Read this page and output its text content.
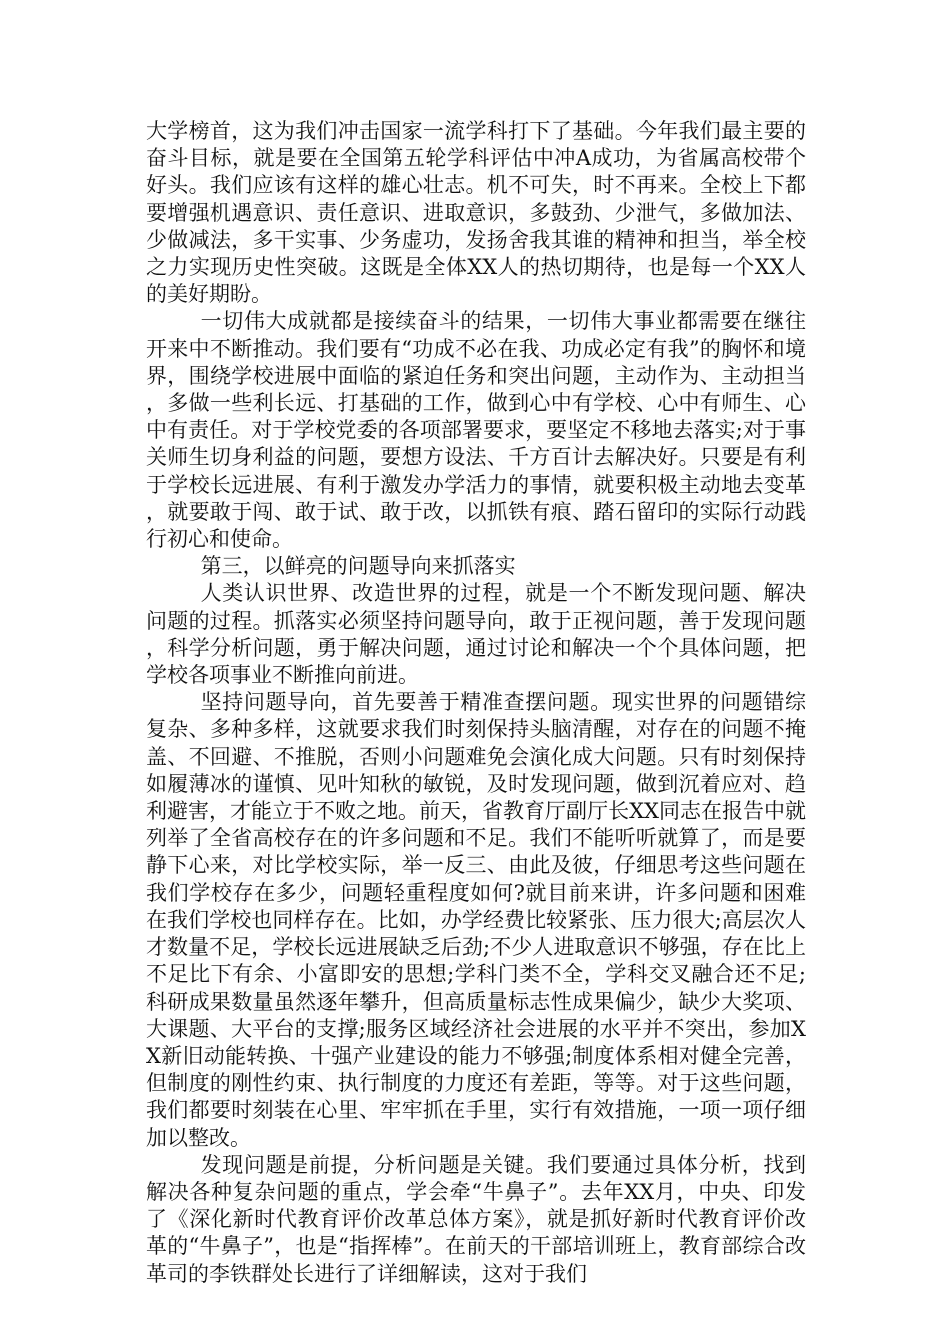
大学榜首，这为我们冲击国家一流学科打下了基础。今年我们最主要的奋斗目标，就是要在全国第五轮学科评估中冲A成功，为省属高校带个好头。我们应该有这样的雄心壮志。机不可失，时不再来。全校上下都要增强机遇意识、责任意识、进取意识，多鼓劲、少泄气，多做加法、少做减法，多干实事、少务虚功，发扬舍我其谁的精神和担当，举全校之力实现历史性突破。这既是全体XX人的热切期待，也是每一个XX人的美好期盼。

一切伟大成就都是接续奋斗的结果，一切伟大事业都需要在继往开来中不断推动。我们要有“功成不必在我、功成必定有我”的胸怀和境界，围绕学校进展中面临的紧迫任务和突出问题，主动作为、主动担当，多做一些利长远、打基础的工作，做到心中有学校、心中有师生、心中有责任。对于学校党委的各项部署要求，要坚定不移地去落实;对于事关师生切身利益的问题，要想方设法、千方百计去解决好。只要是有利于学校长远进展、有利于激发办学活力的事情，就要积极主动地去变革，就要敢于闯、敢于试、敢于改，以抓铁有痕、踏石留印的实际行动践行初心和使命。

第三，以鲜亮的问题导向来抓落实

人类认识世界、改造世界的过程，就是一个不断发现问题、解决问题的过程。抓落实必须坚持问题导向，敢于正视问题，善于发现问题，科学分析问题，勇于解决问题，通过讨论和解决一个个具体问题，把学校各项事业不断推向前进。

坚持问题导向，首先要善于精准查摆问题。现实世界的问题错综复杂、多种多样，这就要求我们时刻保持头脑清醒，对存在的问题不掩盖、不回避、不推脱，否则小问题难免会演化成大问题。只有时刻保持如履薄冰的谨慎、见叶知秋的敏锐，及时发现问题，做到沉着应对、趋利避害，才能立于不败之地。前天，省教育厅副厅长XX同志在报告中就列举了全省高校存在的许多问题和不足。我们不能听听就算了，而是要静下心来，对比学校实际，举一反三、由此及彼，仔细思考这些问题在我们学校存在多少，问题轻重程度如何?就目前来讲，许多问题和困难在我们学校也同样存在。比如，办学经费比较紧张、压力很大;高层次人才数量不足，学校长远进展缺乏后劲;不少人进取意识不够强，存在比上不足比下有余、小富即安的思想;学科门类不全，学科交叉融合还不足;科研成果数量虽然逐年攀升，但高质量标志性成果偏少，缺少大奖项、大课题、大平台的支撑;服务区域经济社会进展的水平并不突出，参加XX新旧动能转换、十强产业建设的能力不够强;制度体系相对健全完善，但制度的刚性约束、执行制度的力度还有差距，等等。对于这些问题，我们都要时刻装在心里、牢牢抓在手里，实行有效措施，一项一项仔细加以整改。

发现问题是前提，分析问题是关键。我们要通过具体分析，找到解决各种复杂问题的重点，学会牵“牛鼻子”。去年XX月，中央、印发了《深化新时代教育评价改革总体方案》，就是抓好新时代教育评价改革的“牛鼻子”，也是“指挥棒”。在前天的干部培训班上，教育部综合改革司的李铁群处长进行了详细解读，这对于我们
